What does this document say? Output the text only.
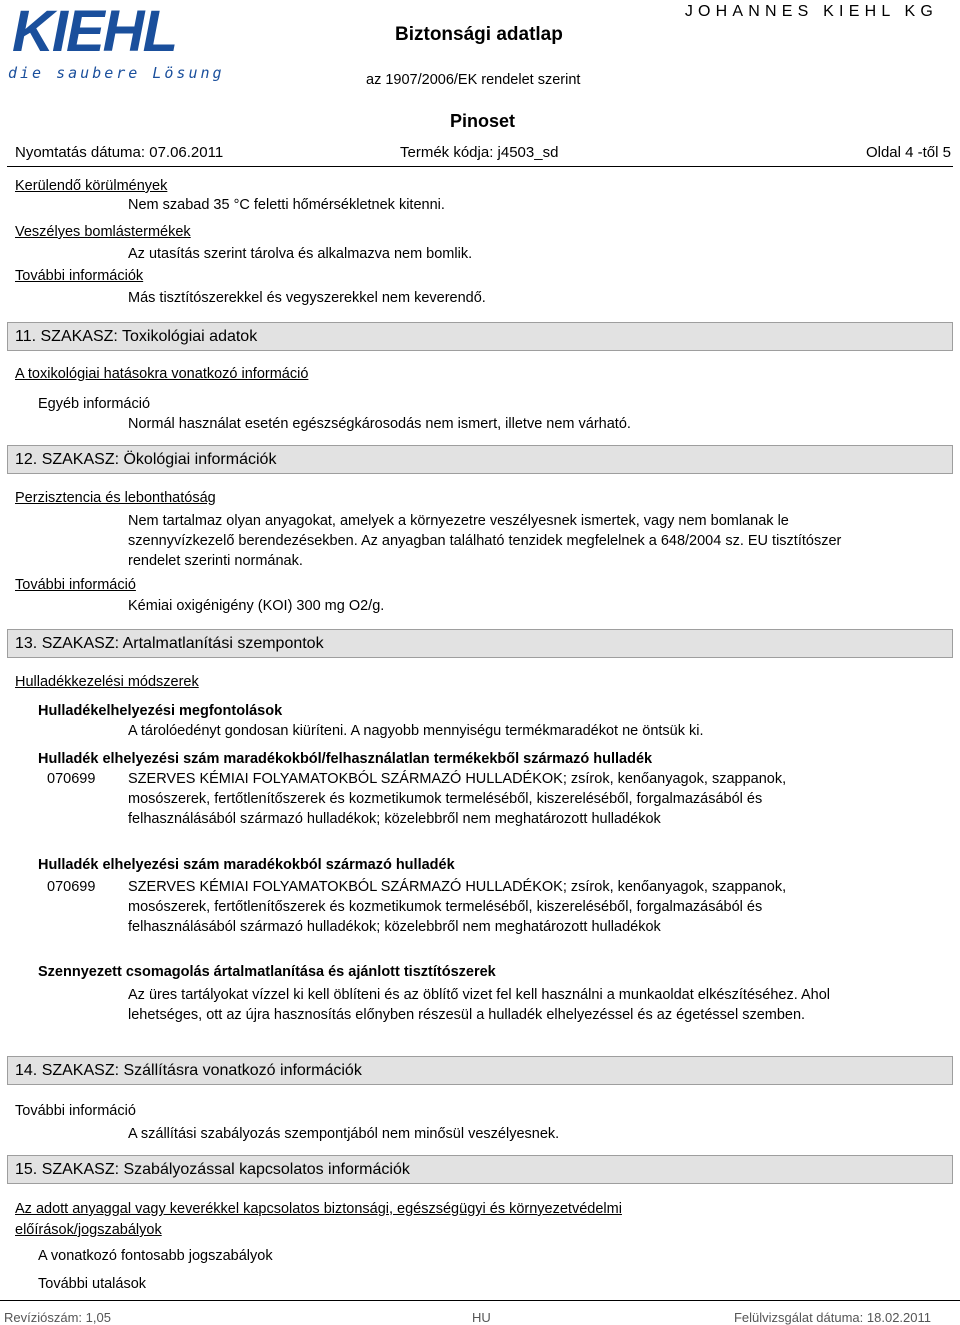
KIEHL
die saubere Lösung
Biztonsági adatlap
JOHANNES KIEHL KG
az 1907/2006/EK rendelet szerint
Pinoset
Nyomtatás dátuma: 07.06.2011	Termék kódja: j4503_sd	Oldal 4 -től 5
Kerülendő körülmények
Nem szabad 35 °C feletti hőmérsékletnek kitenni.
Veszélyes bomlástermékek
Az utasítás szerint tárolva és alkalmazva nem bomlik.
További információk
Más tisztítószerekkel és vegyszerekkel nem keverendő.
11. SZAKASZ: Toxikológiai adatok
A toxikológiai hatásokra vonatkozó információ
Egyéb információ
Normál használat esetén egészségkárosodás nem ismert, illetve nem várható.
12. SZAKASZ: Ökológiai információk
Perzisztencia és lebonthatóság
Nem tartalmaz olyan anyagokat, amelyek a környezetre veszélyesnek ismertek, vagy nem bomlanak le szennyvízkezelő berendezésekben. Az anyagban található tenzidek megfelelnek a 648/2004 sz. EU tisztítószer rendelet szerinti normának.
További információ
Kémiai oxigénigény (KOI) 300 mg O2/g.
13. SZAKASZ: Artalmatlanítási szempontok
Hulladékkezelési módszerek
Hulladékelhelyezési megfontolások
A tárolóedényt gondosan kiüríteni. A nagyobb mennyiségu termékmaradékot ne öntsük ki.
Hulladék elhelyezési szám maradékokból/felhasználatlan termékekből származó hulladék
070699 SZERVES KÉMIAI FOLYAMATOKBÓL SZÁRMAZÓ HULLADÉKOK; zsírok, kenőanyagok, szappanok, mosószerek, fertőtlenítőszerek és kozmetikumok termeléséből, kiszereléséből, forgalmazásából és felhasználásából származó hulladékok; közelebbről nem meghatározott hulladékok
Hulladék elhelyezési szám maradékokból származó hulladék
070699 SZERVES KÉMIAI FOLYAMATOKBÓL SZÁRMAZÓ HULLADÉKOK; zsírok, kenőanyagok, szappanok, mosószerek, fertőtlenítőszerek és kozmetikumok termeléséből, kiszereléséből, forgalmazásából és felhasználásából származó hulladékok; közelebbről nem meghatározott hulladékok
Szennyezett csomagolás ártalmatlanítása és ajánlott tisztítószerek
Az üres tartályokat vízzel ki kell öblíteni és az öblítő vizet fel kell használni a munkaoldat elkészítéséhez. Ahol lehetséges, ott az újra hasznosítás előnyben részesül a hulladék elhelyezéssel és az égetéssel szemben.
14. SZAKASZ: Szállításra vonatkozó információk
További információ
A szállítási szabályozás szempontjából nem minősül veszélyesnek.
15. SZAKASZ: Szabályozással kapcsolatos információk
Az adott anyaggal vagy keverékkel kapcsolatos biztonsági, egészségügyi és környezetvédelmi előírások/jogszabályok
A vonatkozó fontosabb jogszabályok
További utalások
Revíziószám: 1,05	HU	Felülvizsgálat dátuma: 18.02.2011
